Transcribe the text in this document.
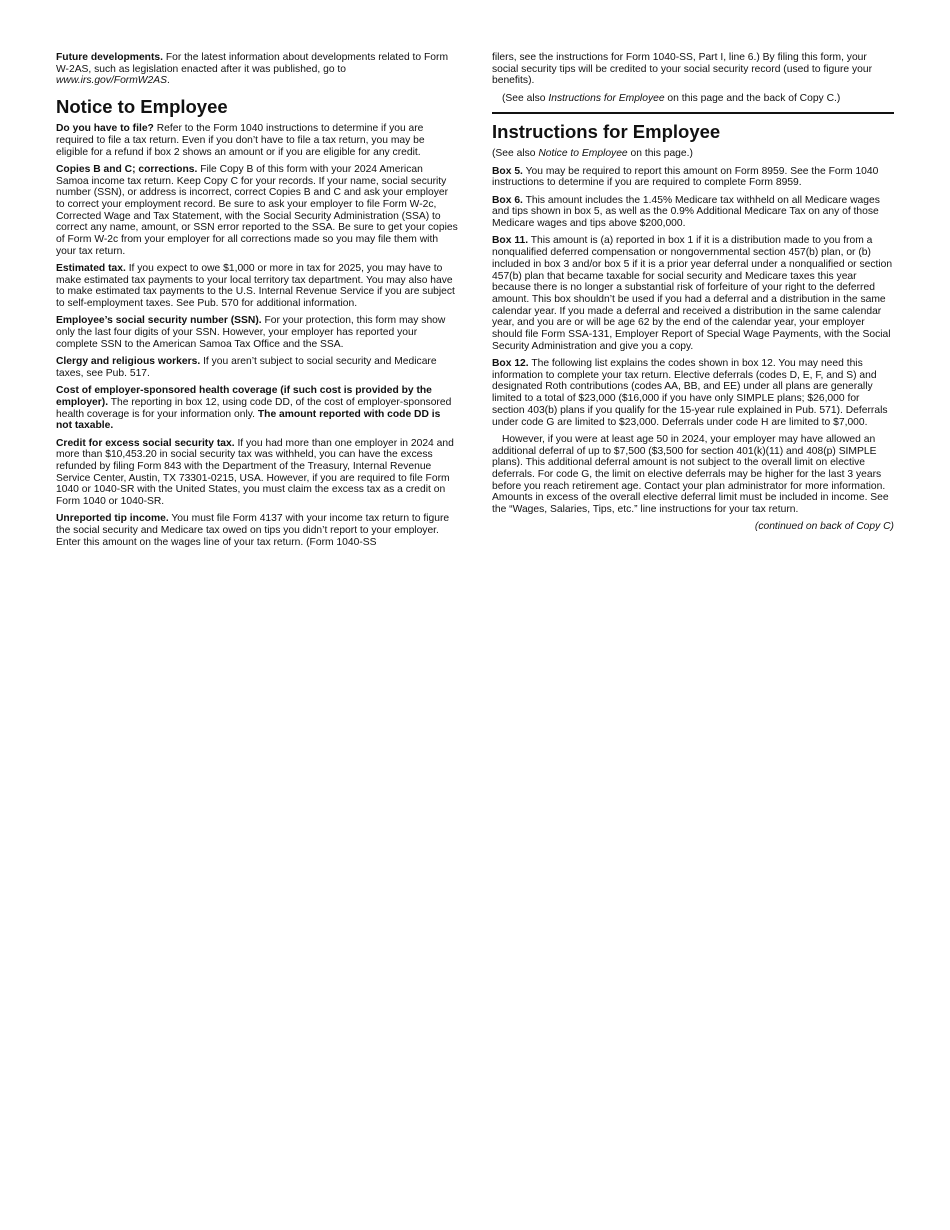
Future developments. For the latest information about developments related to Form W-2AS, such as legislation enacted after it was published, go to www.irs.gov/FormW2AS.

Notice to Employee

Do you have to file? Refer to the Form 1040 instructions to determine if you are required to file a tax return. Even if you don’t have to file a tax return, you may be eligible for a refund if box 2 shows an amount or if you are eligible for any credit.

Copies B and C; corrections. File Copy B of this form with your 2024 American Samoa income tax return. Keep Copy C for your records. If your name, social security number (SSN), or address is incorrect, correct Copies B and C and ask your employer to correct your employment record. Be sure to ask your employer to file Form W-2c, Corrected Wage and Tax Statement, with the Social Security Administration (SSA) to correct any name, amount, or SSN error reported to the SSA. Be sure to get your copies of Form W-2c from your employer for all corrections made so you may file them with your tax return.

Estimated tax. If you expect to owe $1,000 or more in tax for 2025, you may have to make estimated tax payments to your local territory tax department. You may also have to make estimated tax payments to the U.S. Internal Revenue Service if you are subject to self-employment taxes. See Pub. 570 for additional information.

Employee’s social security number (SSN). For your protection, this form may show only the last four digits of your SSN. However, your employer has reported your complete SSN to the American Samoa Tax Office and the SSA.

Clergy and religious workers. If you aren’t subject to social security and Medicare taxes, see Pub. 517.

Cost of employer-sponsored health coverage (if such cost is provided by the employer). The reporting in box 12, using code DD, of the cost of employer-sponsored health coverage is for your information only. The amount reported with code DD is not taxable.

Credit for excess social security tax. If you had more than one employer in 2024 and more than $10,453.20 in social security tax was withheld, you can have the excess refunded by filing Form 843 with the Department of the Treasury, Internal Revenue Service Center, Austin, TX 73301-0215, USA. However, if you are required to file Form 1040 or 1040-SR with the United States, you must claim the excess tax as a credit on Form 1040 or 1040-SR.

Unreported tip income. You must file Form 4137 with your income tax return to figure the social security and Medicare tax owed on tips you didn’t report to your employer. Enter this amount on the wages line of your tax return. (Form 1040-SS

filers, see the instructions for Form 1040-SS, Part I, line 6.) By filing this form, your social security tips will be credited to your social security record (used to figure your benefits).

(See also Instructions for Employee on this page and the back of Copy C.)

Instructions for Employee

(See also Notice to Employee on this page.)

Box 5. You may be required to report this amount on Form 8959. See the Form 1040 instructions to determine if you are required to complete Form 8959.

Box 6. This amount includes the 1.45% Medicare tax withheld on all Medicare wages and tips shown in box 5, as well as the 0.9% Additional Medicare Tax on any of those Medicare wages and tips above $200,000.

Box 11. This amount is (a) reported in box 1 if it is a distribution made to you from a nonqualified deferred compensation or nongovernmental section 457(b) plan, or (b) included in box 3 and/or box 5 if it is a prior year deferral under a nonqualified or section 457(b) plan that became taxable for social security and Medicare taxes this year because there is no longer a substantial risk of forfeiture of your right to the deferred amount. This box shouldn’t be used if you had a deferral and a distribution in the same calendar year. If you made a deferral and received a distribution in the same calendar year, and you are or will be age 62 by the end of the calendar year, your employer should file Form SSA-131, Employer Report of Special Wage Payments, with the Social Security Administration and give you a copy.

Box 12. The following list explains the codes shown in box 12. You may need this information to complete your tax return. Elective deferrals (codes D, E, F, and S) and designated Roth contributions (codes AA, BB, and EE) under all plans are generally limited to a total of $23,000 ($16,000 if you have only SIMPLE plans; $26,000 for section 403(b) plans if you qualify for the 15-year rule explained in Pub. 571). Deferrals under code G are limited to $23,000. Deferrals under code H are limited to $7,000.

However, if you were at least age 50 in 2024, your employer may have allowed an additional deferral of up to $7,500 ($3,500 for section 401(k)(11) and 408(p) SIMPLE plans). This additional deferral amount is not subject to the overall limit on elective deferrals. For code G, the limit on elective deferrals may be higher for the last 3 years before you reach retirement age. Contact your plan administrator for more information. Amounts in excess of the overall elective deferral limit must be included in income. See the “Wages, Salaries, Tips, etc.” line instructions for your tax return.

(continued on back of Copy C)
